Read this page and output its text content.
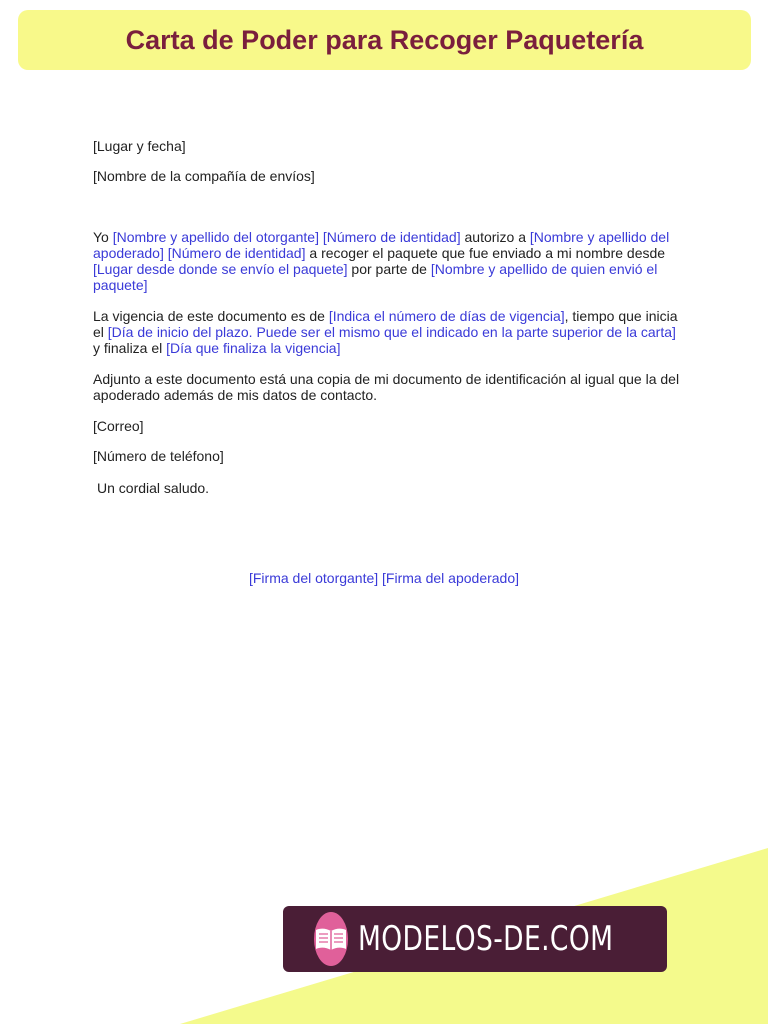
Carta de Poder para Recoger Paquetería

[Lugar y fecha]

[Nombre de la compañía de envíos]

Yo [Nombre y apellido del otorgante] [Número de identidad] autorizo a [Nombre y apellido del apoderado] [Número de identidad] a recoger el paquete que fue enviado a mi nombre desde [Lugar desde donde se envío el paquete] por parte de [Nombre y apellido de quien envió el paquete]

La vigencia de este documento es de [Indica el número de días de vigencia], tiempo que inicia el [Día de inicio del plazo. Puede ser el mismo que el indicado en la parte superior de la carta] y finaliza el [Día que finaliza la vigencia]

Adjunto a este documento está una copia de mi documento de identificación al igual que la del apoderado además de mis datos de contacto.

[Correo]

[Número de teléfono]

Un cordial saludo.

[Firma del otorgante] [Firma del apoderado]
MODELOS-DE.COM
